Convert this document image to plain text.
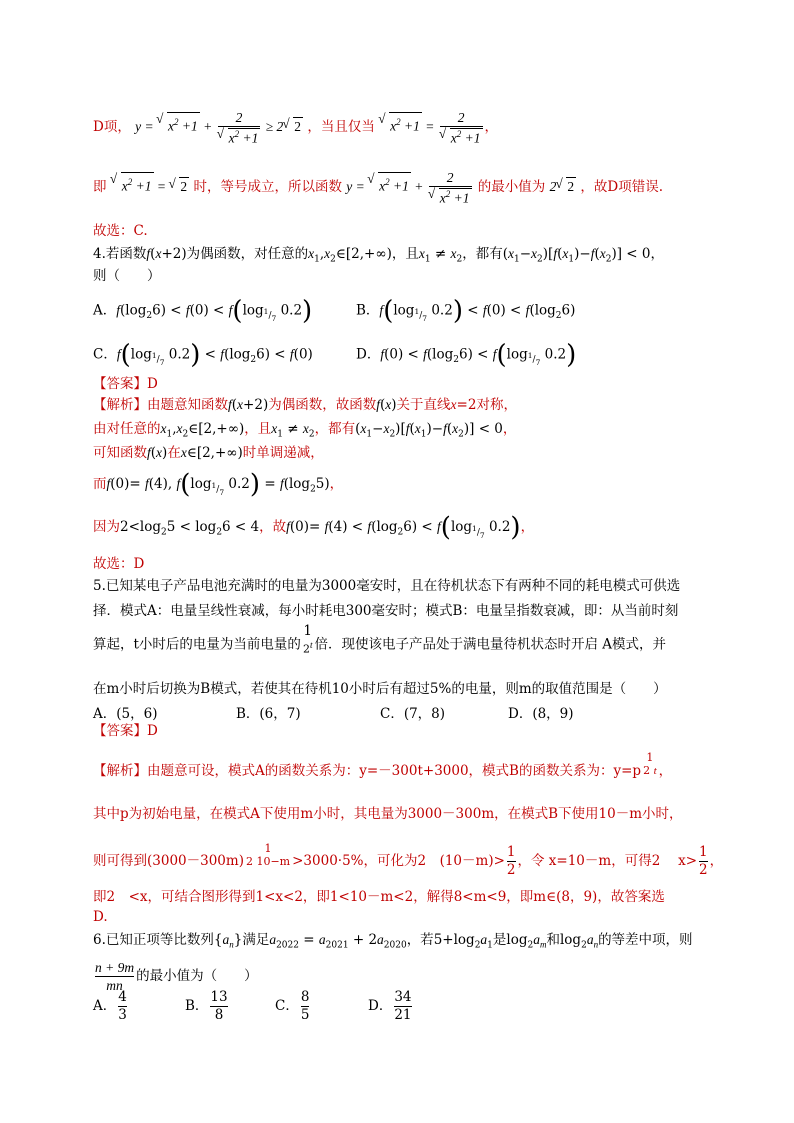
D项， y = √ $x^2 +1 + 2$
√ $x^2 +1 \ge 2√$ 2 ，当且仅当 √ $x^2 +1 = 2$
√ $x^2 +1$ ，
即 √ $x^2 +1$ = √ 2 时，等号成立，所以函数 y = √ $x^2 +1 + 2$
√ $x^2 +1$ 的最小值为 2√ 2 ，故D项错误.
故选：C.
4.若函数f(x+2)为偶函数，对任意的$x_1,x_2\in[2,+\infty)$，且$x_1 \ne x_2$，都有$(x_1-x_2)[f(x_1)-f(x_2)] < 0$，
则（　　）
A．$f(\log_26) < f(0) < f(\log_{^1/_7}$ 0.2)	B．$f(\log_{^1/_7}$ $0.2) < f(0) < f(\log_26)$
C．$f(\log_{^1/_7}$ $0.2) < f(\log_26) < f(0)$	D．$f(0) < f(\log_26) < f(\log_{^1/_7}$ 0.2)
【答案】D
【解析】由题意知函数f(x+2)为偶函数，故函数f(x)关于直线x=2对称，
由对任意的$x_1,x_2\in[2,+\infty)$，且$x_1 \ne x_2$，都有$(x_1-x_2)[f(x_1)-f(x_2)] < 0$，
可知函数f(x)在x∈[2,+∞)时单调递减，
而f(0)= f(4), $f(\log_{^1/_7}$ $0.2) = f(\log_25)$，
因为$2<\log_25 < \log_26 < 4$，故$f(0)= f(4) < f(\log_26) < f(\log_{^1/_7}$ 0.2)，
故选：D
5.已知某电子产品电池充满时的电量为3000毫安时，且在待机状态下有两种不同的耗电模式可供选
择．模式A：电量呈线性衰减，每小时耗电300毫安时；模式B：电量呈指数衰减，即：从当前时刻
算起，t小时后的电量为当前电量的
1
2$^t$ 倍．现使该电子产品处于满电量待机状态时开启 A模式，并
在m小时后切换为B模式，若使其在待机10小时后有超过5%的电量，则m的取值范围是（　　）
A．(5，6)	B．(6，7)	C．(7，8)	D．(8，9)
【答案】D
【解析】由题意可设，模式A的函数关系为：y=－300t+3000，模式B的函数关系为：y=p
1
2 t ，
其中p为初始电量，在模式A下使用m小时，其电量为3000－300m，在模式B下使用10－m小时，
则可得到(3000－300m)
1
2 10−m >3000·5%，可化为2　$(10-m)> \frac{1}{2}$ ，令 x=10－m，可得2　 $x> \frac{1}{2}$ ，
即2　<x，可结合图形得到1<x<2，即1<10－m<2，解得8<m<9，即m∈(8，9)，故答案选
D.
6.已知正项等比数列$\{a_n\}$满足$a_{2022} = a_{2021} + 2a_{2020}$，若$5+\log_2a_1$是$\log_2a_m$和$\log_2a_n$的等差中项，则
$\frac{n + 9m}{mn}$ 的最小值为（　　）
A． $\frac{4}{3}$	B． $\frac{13}{8}$	C． $\frac{8}{5}$	D． $\frac{34}{21}$
